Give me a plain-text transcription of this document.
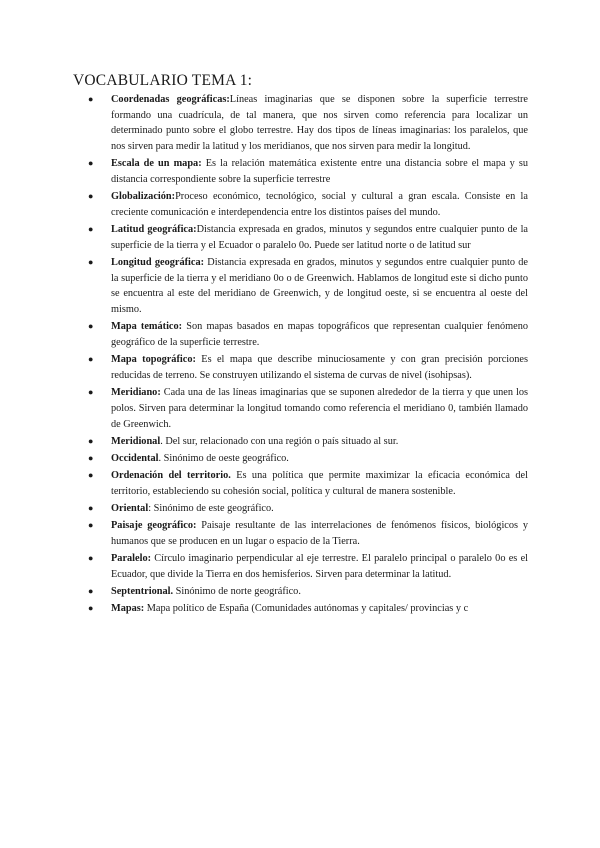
VOCABULARIO TEMA 1:
● Coordenadas geográficas:Líneas imaginarias que se disponen sobre la superficie terrestre formando una cuadrícula, de tal manera, que nos sirven como referencia para localizar un determinado punto sobre el globo terrestre. Hay dos tipos de líneas imaginarias: los paralelos, que nos sirven para medir la latitud y los meridianos, que nos sirven para medir la longitud.
● Escala de un mapa: Es la relación matemática existente entre una distancia sobre el mapa y su distancia correspondiente sobre la superficie terrestre
● Globalización:Proceso económico, tecnológico, social y cultural a gran escala. Consiste en la creciente comunicación e interdependencia entre los distintos países del mundo.
● Latitud geográfica:Distancia expresada en grados, minutos y segundos entre cualquier punto de la superficie de la tierra y el Ecuador o paralelo 0o. Puede ser latitud norte o de latitud sur
● Longitud geográfica: Distancia expresada en grados, minutos y segundos entre cualquier punto de la superficie de la tierra y el meridiano 0o o de Greenwich. Hablamos de longitud este si dicho punto se encuentra al este del meridiano de Greenwich, y de longitud oeste, si se encuentra al oeste del mismo.
● Mapa temático: Son mapas basados en mapas topográficos que representan cualquier fenómeno geográfico de la superficie terrestre.
● Mapa topográfico: Es el mapa que describe minuciosamente y con gran precisión porciones reducidas de terreno. Se construyen utilizando el sistema de curvas de nivel (isohipsas).
● Meridiano: Cada una de las líneas imaginarias que se suponen alrededor de la tierra y que unen los polos. Sirven para determinar la longitud tomando como referencia el meridiano 0, también llamado de Greenwich.
● Meridional. Del sur, relacionado con una región o país situado al sur.
● Occidental. Sinónimo de oeste geográfico.
● Ordenación del territorio. Es una política que permite maximizar la eficacia económica del territorio, estableciendo su cohesión social, política y cultural de manera sostenible.
● Oriental: Sinónimo de este geográfico.
● Paisaje geográfico: Paisaje resultante de las interrelaciones de fenómenos físicos, biológicos y humanos que se producen en un lugar o espacio de la Tierra.
● Paralelo: Círculo imaginario perpendicular al eje terrestre. El paralelo principal o paralelo 0o es el Ecuador, que divide la Tierra en dos hemisferios. Sirven para determinar la latitud.
● Septentrional. Sinónimo de norte geográfico.
● Mapas: Mapa político de España (Comunidades autónomas y capitales/ provincias y c
